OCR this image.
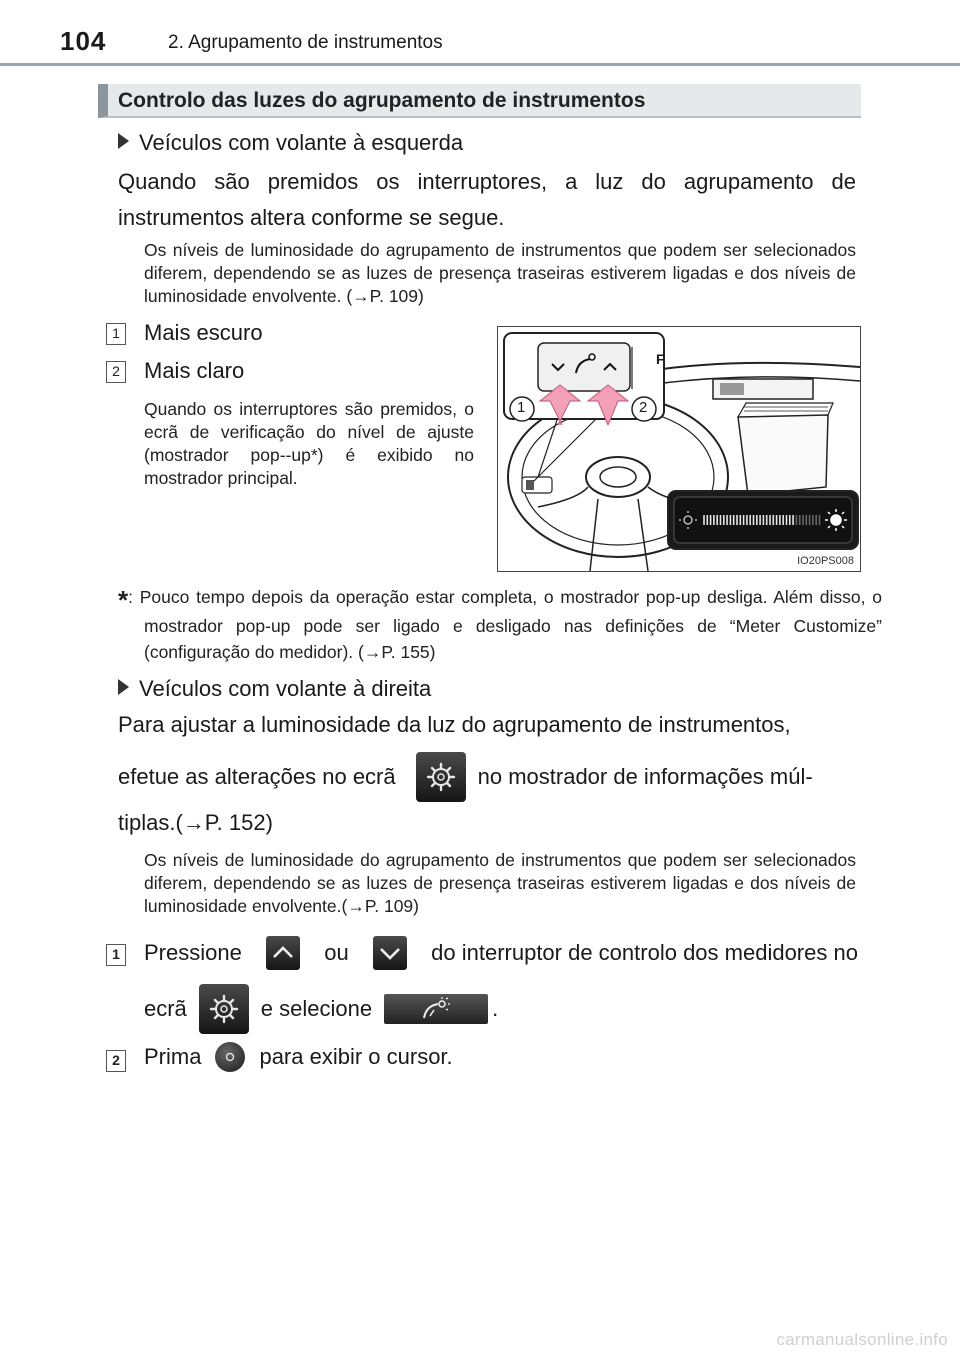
104	2. Agrupamento de instrumentos
Controlo das luzes do agrupamento de instrumentos
Veículos com volante à esquerda

Quando são premidos os interruptores, a luz do agrupamento de instrumentos altera conforme se segue.

Os níveis de luminosidade do agrupamento de instrumentos que podem ser selecionados diferem, dependendo se as luzes de presença traseiras estiverem ligadas e dos níveis de luminosidade envolvente. (→P. 109)

1 Mais escuro
2 Mais claro

Quando os interruptores são premidos, o ecrã de verificação do nível de ajuste (mostrador pop--up*) é exibido no mostrador principal.

1	2
F
IO20PS008

*: Pouco tempo depois da operação estar completa, o mostrador pop-up desliga. Além disso, o mostrador pop-up pode ser ligado e desligado nas definições de “Meter Customize” (configuração do medidor). (→P. 155)

Veículos com volante à direita
Para ajustar a luminosidade da luz do agrupamento de instrumentos,
efetue as alterações no ecrã	no mostrador de informações múl-
tiplas.(→P. 152)

Os níveis de luminosidade do agrupamento de instrumentos que podem ser selecionados diferem, dependendo se as luzes de presença traseiras estiverem ligadas e dos níveis de luminosidade envolvente.(→P. 109)

1 Pressione	ou	do interruptor de controlo dos medidores no
ecrã	e selecione	.
2 Prima	para exibir o cursor.
carmanualsonline.info
